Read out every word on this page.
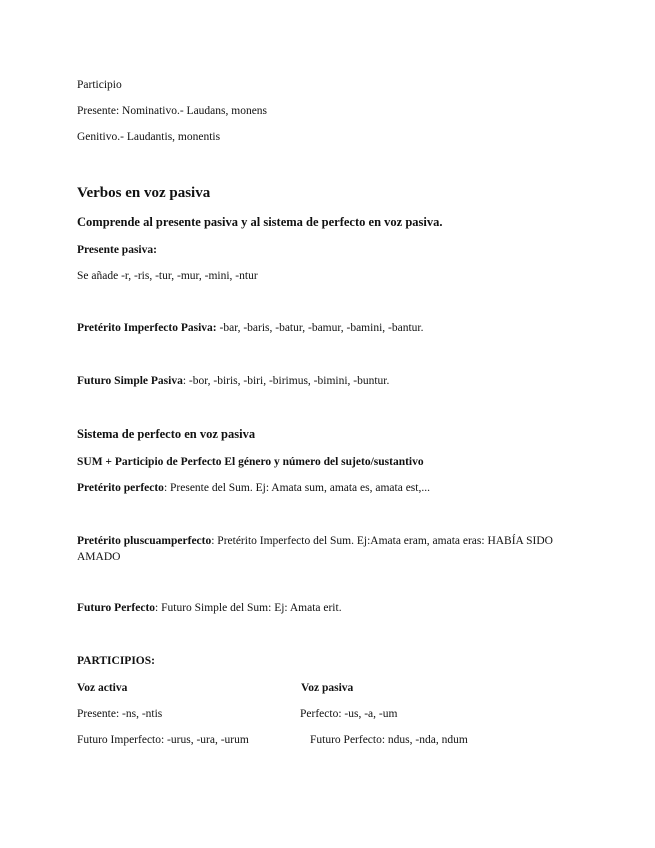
Participio
Presente: Nominativo.- Laudans, monens
Genitivo.- Laudantis, monentis
Verbos en voz pasiva
Comprende al presente pasiva y al sistema de perfecto en voz pasiva.
Presente pasiva:
Se añade -r, -ris, -tur, -mur, -mini, -ntur
Pretérito Imperfecto Pasiva: -bar, -baris, -batur, -bamur, -bamini, -bantur.
Futuro Simple Pasiva: -bor, -biris, -biri, -birimus, -bimini, -buntur.
Sistema de perfecto en voz pasiva
SUM + Participio de Perfecto El género y número del sujeto/sustantivo
Pretérito perfecto: Presente del Sum. Ej: Amata sum, amata es, amata est,...
Pretérito pluscuamperfecto: Pretérito Imperfecto del Sum. Ej:Amata eram, amata eras: HABÍA SIDO AMADO
Futuro Perfecto: Futuro Simple del Sum: Ej: Amata erit.
PARTICIPIOS:
Voz activa	Voz pasiva
Presente: -ns, -ntis	Perfecto: -us, -a, -um
Futuro Imperfecto: -urus, -ura, -urum	Futuro Perfecto: ndus, -nda, ndum
